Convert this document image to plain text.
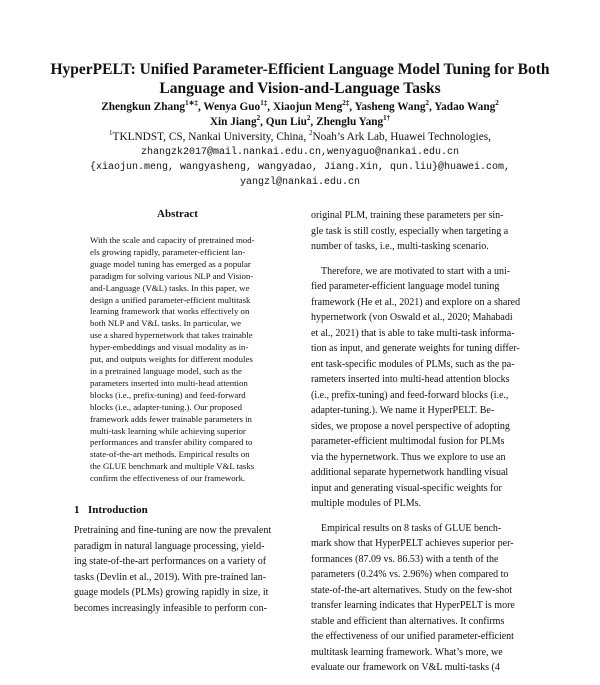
HyperPELT: Unified Parameter-Efficient Language Model Tuning for Both
Language and Vision-and-Language Tasks
Zhengkun Zhang$^{1∗\ddagger}$, Wenya Guo$^{1\ddagger}$, Xiaojun Meng$^{2\ddagger}$, Yasheng Wang$^2$, Yadao Wang$^2$
Xin Jiang$^2$, Qun Liu$^2$, Zhenglu Yang$^{1\dagger}$
$^1$TKLNDST, CS, Nankai University, China, $^2$Noah’s Ark Lab, Huawei Technologies,
zhangzk2017@mail.nankai.edu.cn,wenyaguo@nankai.edu.cn
{xiaojun.meng, wangyasheng, wangyadao, Jiang.Xin, qun.liu}@huawei.com,
yangzl@nankai.edu.cn
Abstract
With the scale and capacity of pretrained mod-
els growing rapidly, parameter-efficient lan-
guage model tuning has emerged as a popular
paradigm for solving various NLP and Vision-
and-Language (V&L) tasks. In this paper, we
design a unified parameter-efficient multitask
learning framework that works effectively on
both NLP and V&L tasks. In particular, we
use a shared hypernetwork that takes trainable
hyper-embeddings and visual modality as in-
put, and outputs weights for different modules
in a pretrained language model, such as the
parameters inserted into multi-head attention
blocks (i.e., prefix-tuning) and feed-forward
blocks (i.e., adapter-tuning.). Our proposed
framework adds fewer trainable parameters in
multi-task learning while achieving superior
performances and transfer ability compared to
state-of-the-art methods. Empirical results on
the GLUE benchmark and multiple V&L tasks
confirm the effectiveness of our framework.
1 Introduction
Pretraining and fine-tuning are now the prevalent
paradigm in natural language processing, yield-
ing state-of-the-art performances on a variety of
tasks (Devlin et al., 2019). With pre-trained lan-
guage models (PLMs) growing rapidly in size, it
becomes increasingly infeasible to perform con-
original PLM, training these parameters per sin-
gle task is still costly, especially when targeting a
number of tasks, i.e., multi-tasking scenario.
Therefore, we are motivated to start with a uni-
fied parameter-efficient language model tuning
framework (He et al., 2021) and explore on a shared
hypernetwork (von Oswald et al., 2020; Mahabadi
et al., 2021) that is able to take multi-task informa-
tion as input, and generate weights for tuning differ-
ent task-specific modules of PLMs, such as the pa-
rameters inserted into multi-head attention blocks
(i.e., prefix-tuning) and feed-forward blocks (i.e.,
adapter-tuning.). We name it HyperPELT. Be-
sides, we propose a novel perspective of adopting
parameter-efficient multimodal fusion for PLMs
via the hypernetwork. Thus we explore to use an
additional separate hypernetwork handling visual
input and generating visual-specific weights for
multiple modules of PLMs.
Empirical results on 8 tasks of GLUE bench-
mark show that HyperPELT achieves superior per-
formances (87.09 vs. 86.53) with a tenth of the
parameters (0.24% vs. 2.96%) when compared to
state-of-the-art alternatives. Study on the few-shot
transfer learning indicates that HyperPELT is more
stable and efficient than alternatives. It confirms
the effectiveness of our unified parameter-efficient
multitask learning framework. What’s more, we
evaluate our framework on V&L multi-tasks (4
